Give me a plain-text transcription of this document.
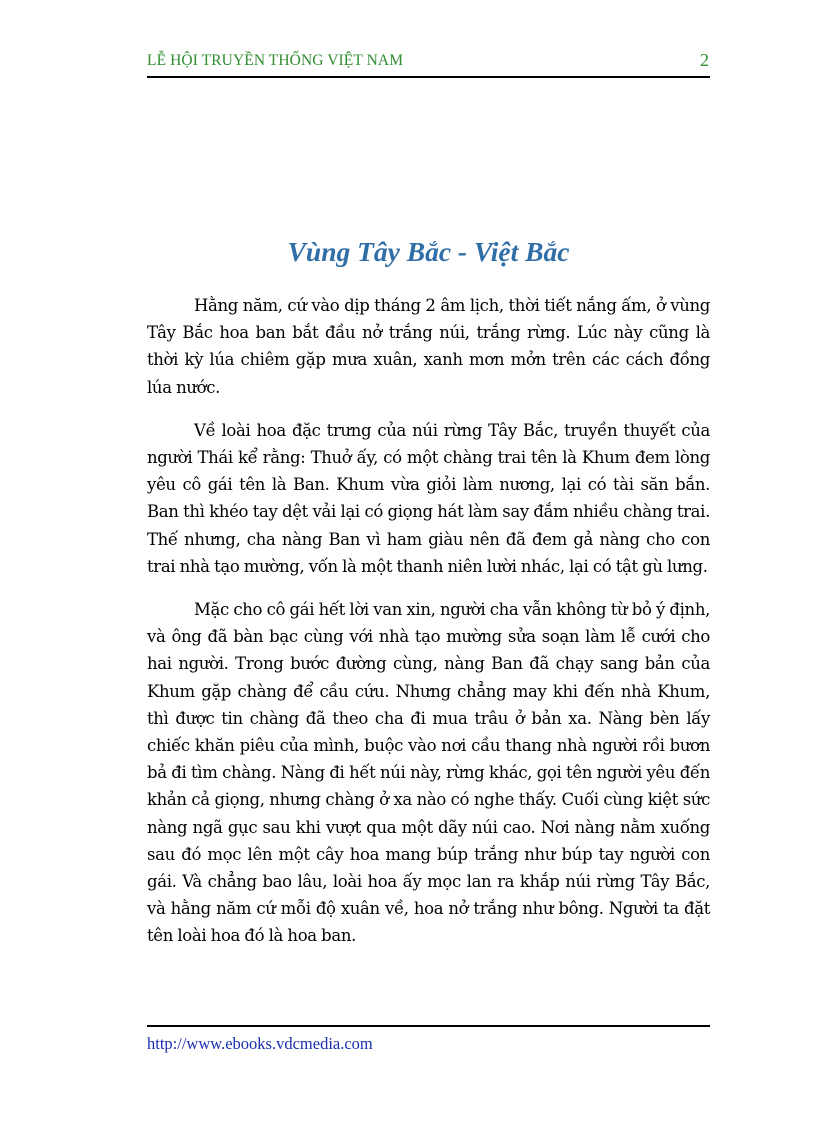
LỄ HỘI TRUYỀN THỐNG VIỆT NAM	2
Vùng Tây Bắc - Việt Bắc

Hằng năm, cứ vào dịp tháng 2 âm lịch, thời tiết nắng ấm, ở vùng Tây Bắc hoa ban bắt đầu nở trắng núi, trắng rừng. Lúc này cũng là thời kỳ lúa chiêm gặp mưa xuân, xanh mơn mởn trên các cách đồng lúa nước.

Về loài hoa đặc trưng của núi rừng Tây Bắc, truyền thuyết của người Thái kể rằng: Thuở ấy, có một chàng trai tên là Khum đem lòng yêu cô gái tên là Ban. Khum vừa giỏi làm nương, lại có tài săn bắn. Ban thì khéo tay dệt vải lại có giọng hát làm say đắm nhiều chàng trai. Thế nhưng, cha nàng Ban vì ham giàu nên đã đem gả nàng cho con trai nhà tạo mường, vốn là một thanh niên lười nhác, lại có tật gù lưng.

Mặc cho cô gái hết lời van xin, người cha vẫn không từ bỏ ý định, và ông đã bàn bạc cùng với nhà tạo mường sửa soạn làm lễ cưới cho hai người. Trong bước đường cùng, nàng Ban đã chạy sang bản của Khum gặp chàng để cầu cứu. Nhưng chẳng may khi đến nhà Khum, thì được tin chàng đã theo cha đi mua trâu ở bản xa. Nàng bèn lấy chiếc khăn piêu của mình, buộc vào nơi cầu thang nhà người rồi bươn bả đi tìm chàng. Nàng đi hết núi này, rừng khác, gọi tên người yêu đến khản cả giọng, nhưng chàng ở xa nào có nghe thấy. Cuối cùng kiệt sức nàng ngã gục sau khi vượt qua một dãy núi cao. Nơi nàng nằm xuống sau đó mọc lên một cây hoa mang búp trắng như búp tay người con gái. Và chẳng bao lâu, loài hoa ấy mọc lan ra khắp núi rừng Tây Bắc, và hằng năm cứ mỗi độ xuân về, hoa nở trắng như bông. Người ta đặt tên loài hoa đó là hoa ban.

http://www.ebooks.vdcmedia.com
